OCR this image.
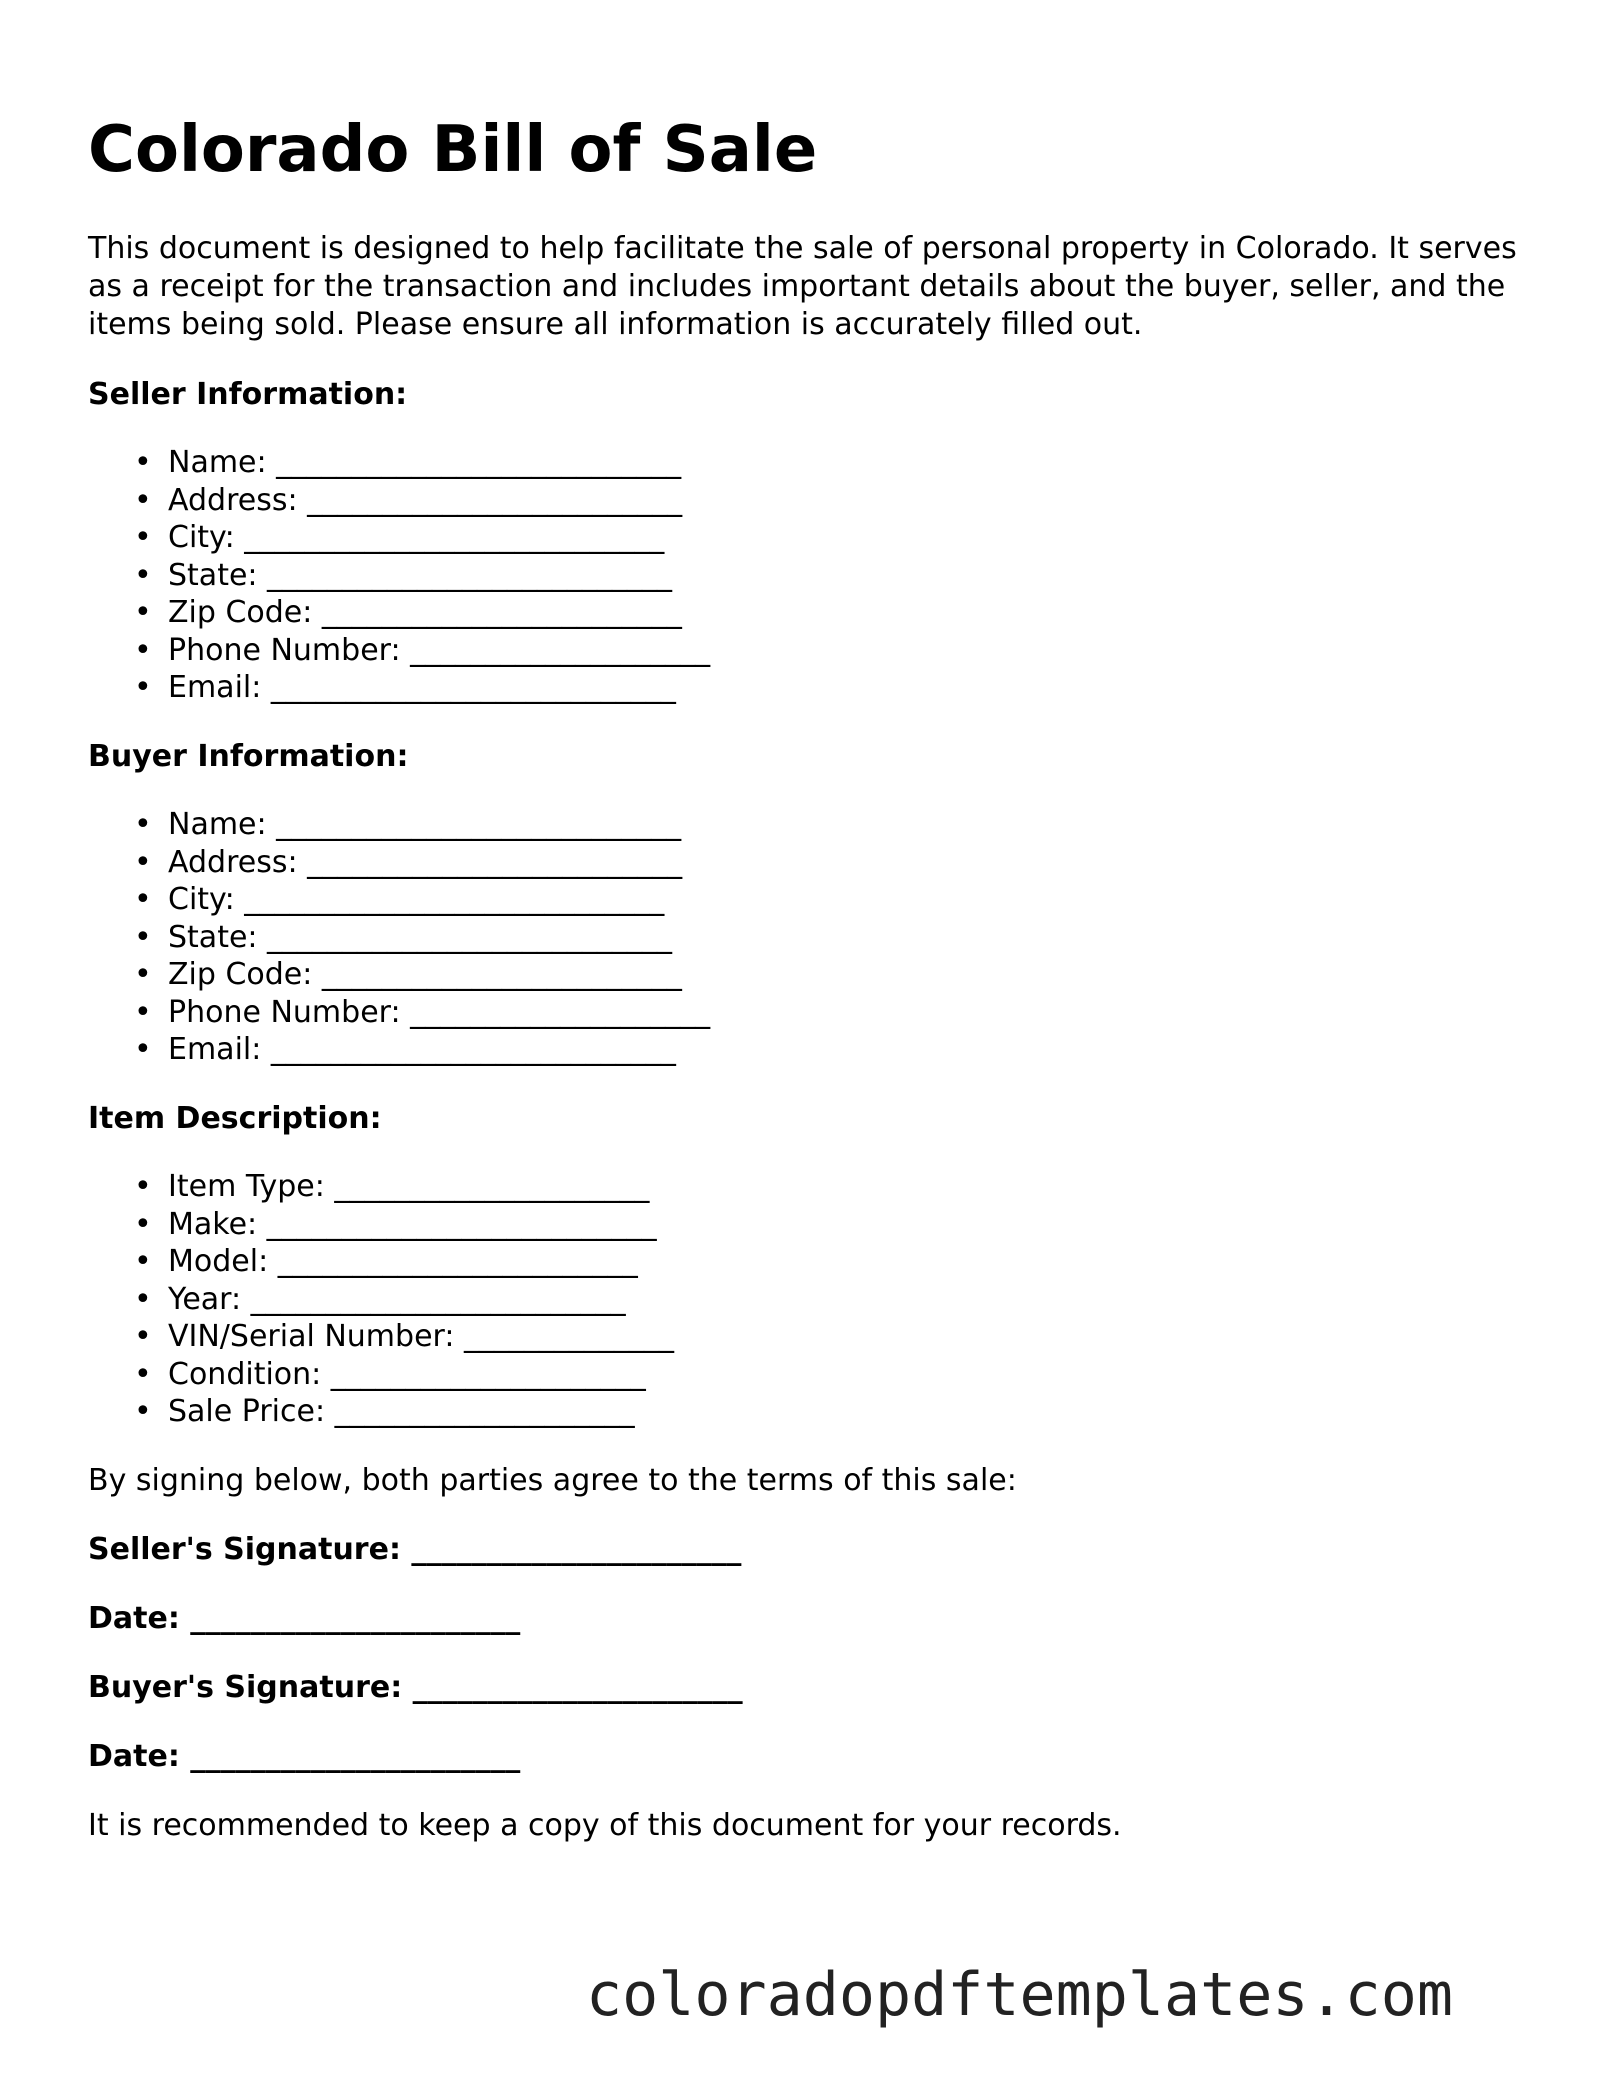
Colorado Bill of Sale

This document is designed to help facilitate the sale of personal property in Colorado. It serves as a receipt for the transaction and includes important details about the buyer, seller, and the items being sold. Please ensure all information is accurately filled out.

Seller Information:
• Name: ___________________________
• Address: _________________________
• City: ____________________________
• State: ___________________________
• Zip Code: ________________________
• Phone Number: ____________________
• Email: ___________________________
Buyer Information:
• Name: ___________________________
• Address: _________________________
• City: ____________________________
• State: ___________________________
• Zip Code: ________________________
• Phone Number: ____________________
• Email: ___________________________
Item Description:
• Item Type: _____________________
• Make: __________________________
• Model: ________________________
• Year: _________________________
• VIN/Serial Number: ______________
• Condition: _____________________
• Sale Price: ____________________
By signing below, both parties agree to the terms of this sale:
Seller's Signature: ______________________
Date: ______________________
Buyer's Signature: ______________________
Date: ______________________
It is recommended to keep a copy of this document for your records.
coloradopdftemplates.com
